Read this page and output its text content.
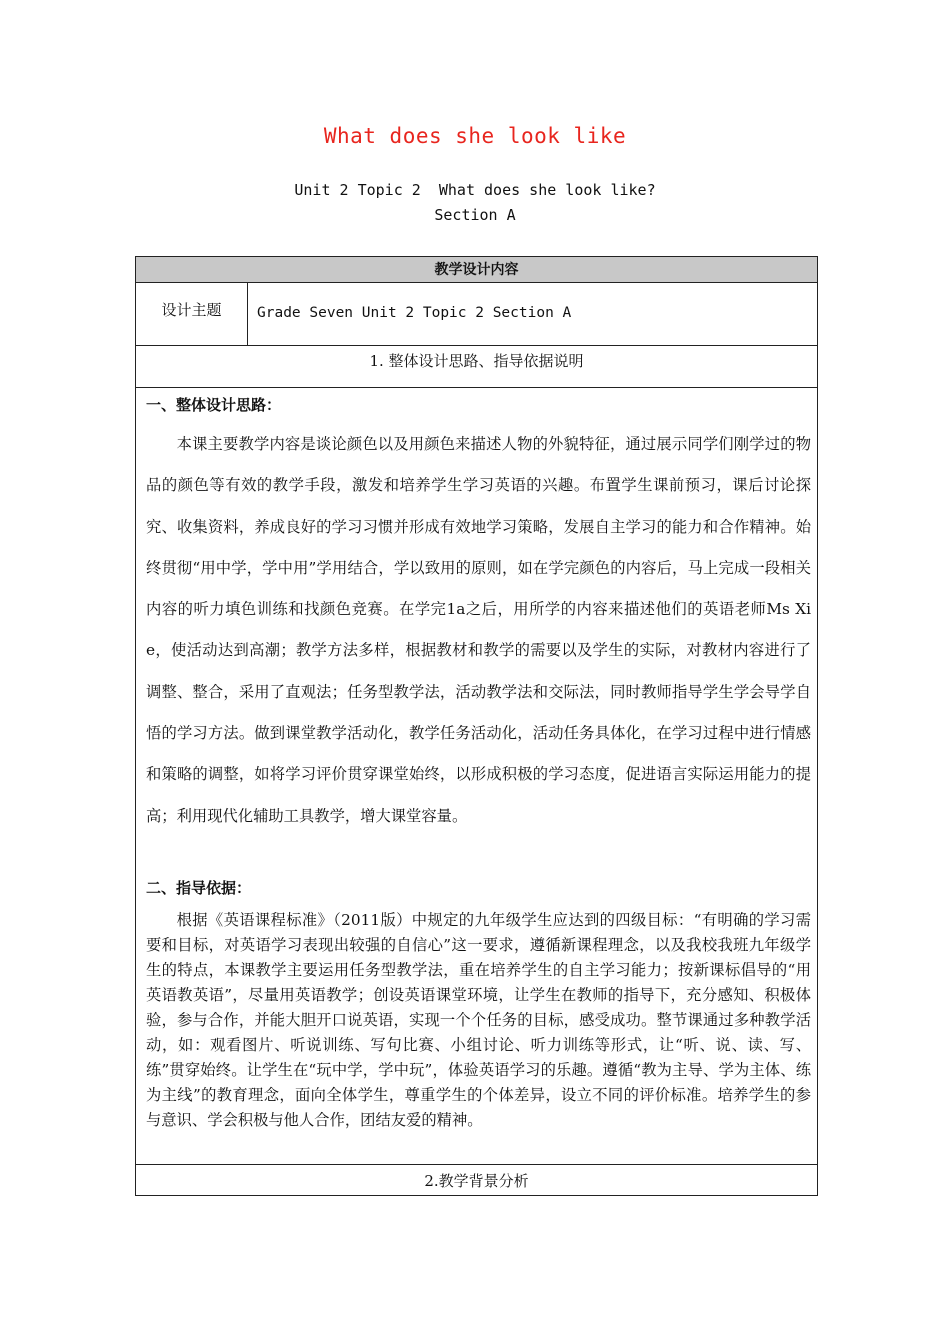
What does she look like
Unit 2 Topic 2  What does she look like?
Section A
教学设计内容
设计主题	Grade Seven Unit 2 Topic 2 Section A
1. 整体设计思路、指导依据说明
一、整体设计思路：

本课主要教学内容是谈论颜色以及用颜色来描述人物的外貌特征，通过展示同学们刚学过的物品的颜色等有效的教学手段，激发和培养学生学习英语的兴趣。布置学生课前预习，课后讨论探究、收集资料，养成良好的学习习惯并形成有效地学习策略，发展自主学习的能力和合作精神。始终贯彻“用中学，学中用”学用结合，学以致用的原则，如在学完颜色的内容后，马上完成一段相关内容的听力填色训练和找颜色竞赛。在学完1a之后，用所学的内容来描述他们的英语老师Ms Xie，使活动达到高潮；教学方法多样，根据教材和教学的需要以及学生的实际，对教材内容进行了调整、整合，采用了直观法；任务型教学法，活动教学法和交际法，同时教师指导学生学会导学自悟的学习方法。做到课堂教学活动化，教学任务活动化，活动任务具体化，在学习过程中进行情感和策略的调整，如将学习评价贯穿课堂始终，以形成积极的学习态度，促进语言实际运用能力的提高；利用现代化辅助工具教学，增大课堂容量。

二、指导依据：

根据《英语课程标准》（2011版）中规定的九年级学生应达到的四级目标：“有明确的学习需要和目标，对英语学习表现出较强的自信心”这一要求，遵循新课程理念，以及我校我班九年级学生的特点，本课教学主要运用任务型教学法，重在培养学生的自主学习能力；按新课标倡导的“用英语教英语”，尽量用英语教学；创设英语课堂环境，让学生在教师的指导下，充分感知、积极体验，参与合作，并能大胆开口说英语，实现一个个任务的目标，感受成功。整节课通过多种教学活动，如：观看图片、听说训练、写句比赛、小组讨论、听力训练等形式，让“听、说、读、写、练”贯穿始终。让学生在“玩中学，学中玩”，体验英语学习的乐趣。遵循“教为主导、学为主体、练为主线”的教育理念，面向全体学生，尊重学生的个体差异，设立不同的评价标准。培养学生的参与意识、学会积极与他人合作，团结友爱的精神。

2.教学背景分析
